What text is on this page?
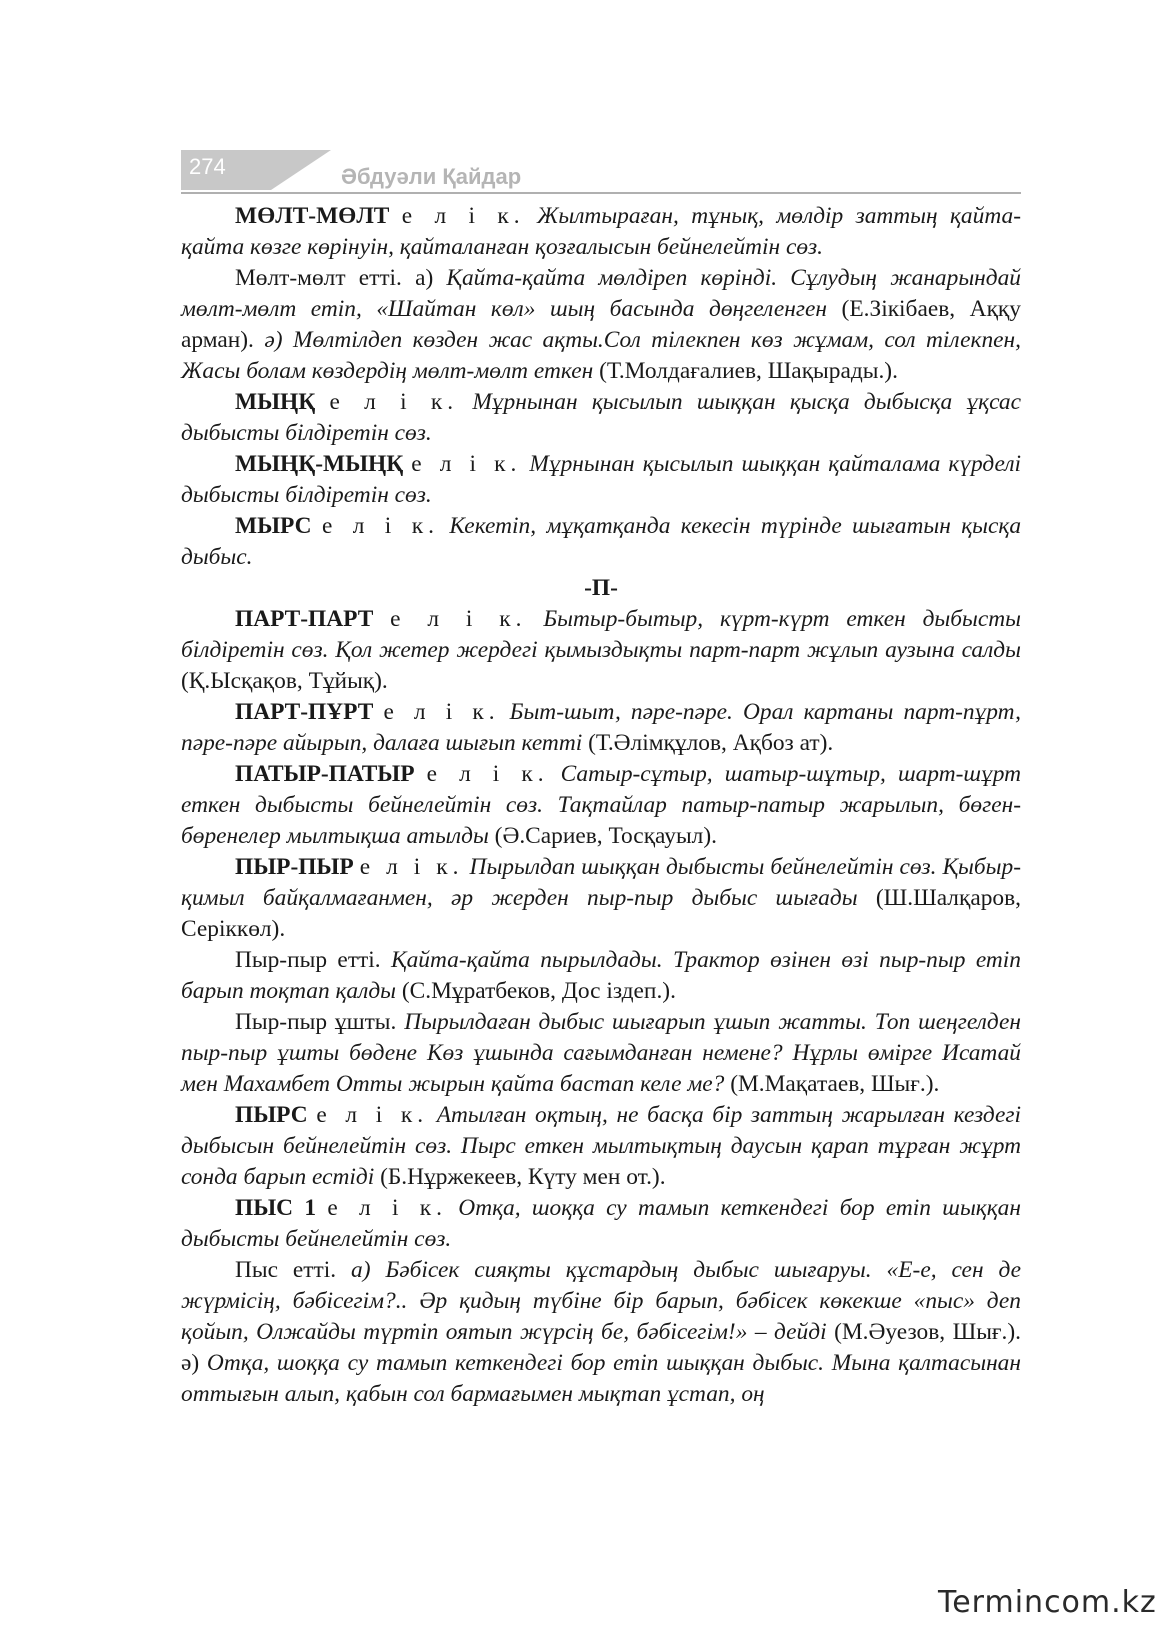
274	Әбдуәли Қайдар

МӨЛТ-МӨЛТ е л і к. Жылтыраған, тұнық, мөлдір заттың қайта-қайта көзге көрінуін, қайталанған қозғалысын бейнелейтін сөз.

Мөлт-мөлт етті. а) Қайта-қайта мөлдіреп көрінді. Сұлудың жанарындай мөлт-мөлт етіп, «Шайтан көл» шың басында дөңгеленген (Е.Зікібаев, Аққу арман). ә) Мөлтілдеп көзден жас ақты.Сол тілекпен көз жұмам, сол тілекпен, Жасы болам көздердің мөлт-мөлт еткен (Т.Молдағалиев, Шақырады.).

МЫҢҚ е л і к. Мұрнынан қысылып шыққан қысқа дыбысқа ұқсас дыбысты білдіретін сөз.

МЫҢҚ-МЫҢҚ е л і к. Мұрнынан қысылып шыққан қайталама күрделі дыбысты білдіретін сөз.

МЫРС е л і к. Кекетіп, мұқатқанда кекесін түрінде шығатын қысқа дыбыс.

-П-

ПАРТ-ПАРТ е л і к. Бытыр-бытыр, күрт-күрт еткен дыбысты білдіретін сөз. Қол жетер жердегі қымыздықты парт-парт жұлып аузына салды (Қ.Ысқақов, Тұйық).

ПАРТ-ПҰРТ е л і к. Быт-шыт, пәре-пәре. Орал картаны парт-пұрт, пәре-пәре айырып, далаға шығып кетті (Т.Әлімқұлов, Ақбоз ат).

ПАТЫР-ПАТЫР е л і к. Сатыр-сұтыр, шатыр-шұтыр, шарт-шұрт еткен дыбысты бейнелейтін сөз. Тақтайлар патыр-патыр жарылып, бөген-бөренелер мылтықша атылды (Ә.Сариев, Тосқауыл).

ПЫР-ПЫР е л і к. Пырылдап шыққан дыбысты бейнелейтін сөз. Қыбыр-қимыл байқалмағанмен, әр жерден пыр-пыр дыбыс шығады (Ш.Шалқаров, Серіккөл).

Пыр-пыр етті. Қайта-қайта пырылдады. Трактор өзінен өзі пыр-пыр етіп барып тоқтап қалды (С.Мұратбеков, Дос іздеп.).

Пыр-пыр ұшты. Пырылдаған дыбыс шығарып ұшып жатты. Топ шеңгелден пыр-пыр ұшты бөдене Көз ұшында сағымданған немене? Нұрлы өмірге Исатай мен Махамбет Отты жырын қайта бастап келе ме? (М.Мақатаев, Шығ.).

ПЫРС е л і к. Атылған оқтың, не басқа бір заттың жарылған кездегі дыбысын бейнелейтін сөз. Пырс еткен мылтықтың даусын қарап тұрған жұрт сонда барып естіді (Б.Нұржекеев, Күту мен от.).

ПЫС 1 е л і к. Отқа, шоққа су тамып кеткендегі бор етіп шыққан дыбысты бейнелейтін сөз.

Пыс етті. а) Бәбісек сияқты құстардың дыбыс шығаруы. «Е-е, сен де жүрмісің, бәбісегім?.. Әр қидың түбіне бір барып, бәбісек көкекше «пыс» деп қойып, Олжайды түртіп оятып жүрсің бе, бәбісегім!» – дейді (М.Әуезов, Шығ.). ә) Отқа, шоққа су тамып кеткендегі бор етіп шыққан дыбыс. Мына қалтасынан оттығын алып, қабын сол бармағымен мықтап ұстап, оң

Termincom.kz
